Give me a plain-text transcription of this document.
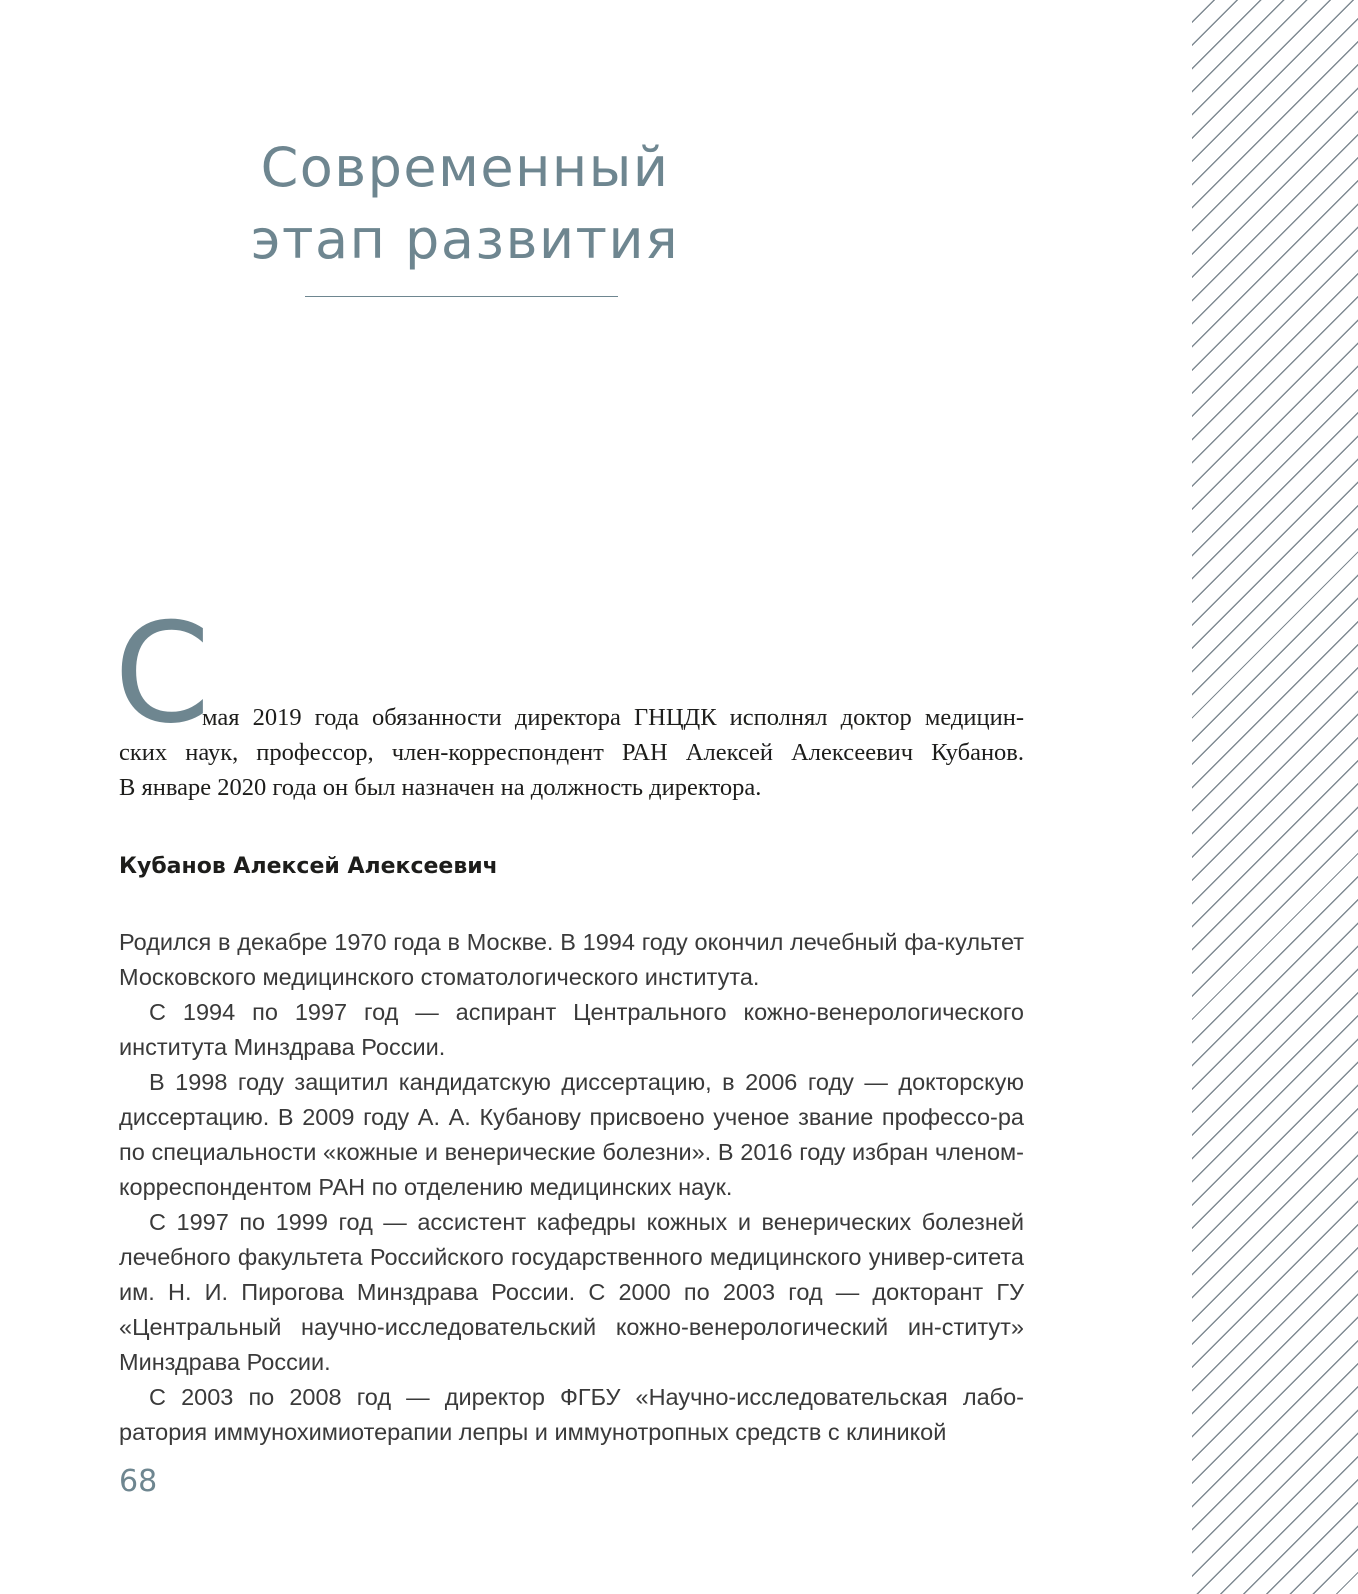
Современный
этап развития
С
мая 2019 года обязанности директора ГНЦДК исполнял доктор медицин-
ских наук, профессор, член-корреспондент РАН Алексей Алексеевич Кубанов.
В январе 2020 года он был назначен на должность директора.
Кубанов Алексей Алексеевич

Родился в декабре 1970 года в Москве. В 1994 году окончил лечебный фа-культет Московского медицинского стоматологического института.

С 1994 по 1997 год — аспирант Центрального кожно-венерологического института Минздрава России.

В 1998 году защитил кандидатскую диссертацию, в 2006 году — докторскую диссертацию. В 2009 году А. А. Кубанову присвоено ученое звание профессо-ра по специальности «кожные и венерические болезни». В 2016 году избран членом-корреспондентом РАН по отделению медицинских наук.

С 1997 по 1999 год — ассистент кафедры кожных и венерических болезней лечебного факультета Российского государственного медицинского универ-ситета им. Н. И. Пирогова Минздрава России. С 2000 по 2003 год — докторант ГУ «Центральный научно-исследовательский кожно-венерологический ин-ститут» Минздрава России.

С 2003 по 2008 год — директор ФГБУ «Научно-исследовательская лабо-ратория иммунохимиотерапии лепры и иммунотропных средств с клиникой

68
